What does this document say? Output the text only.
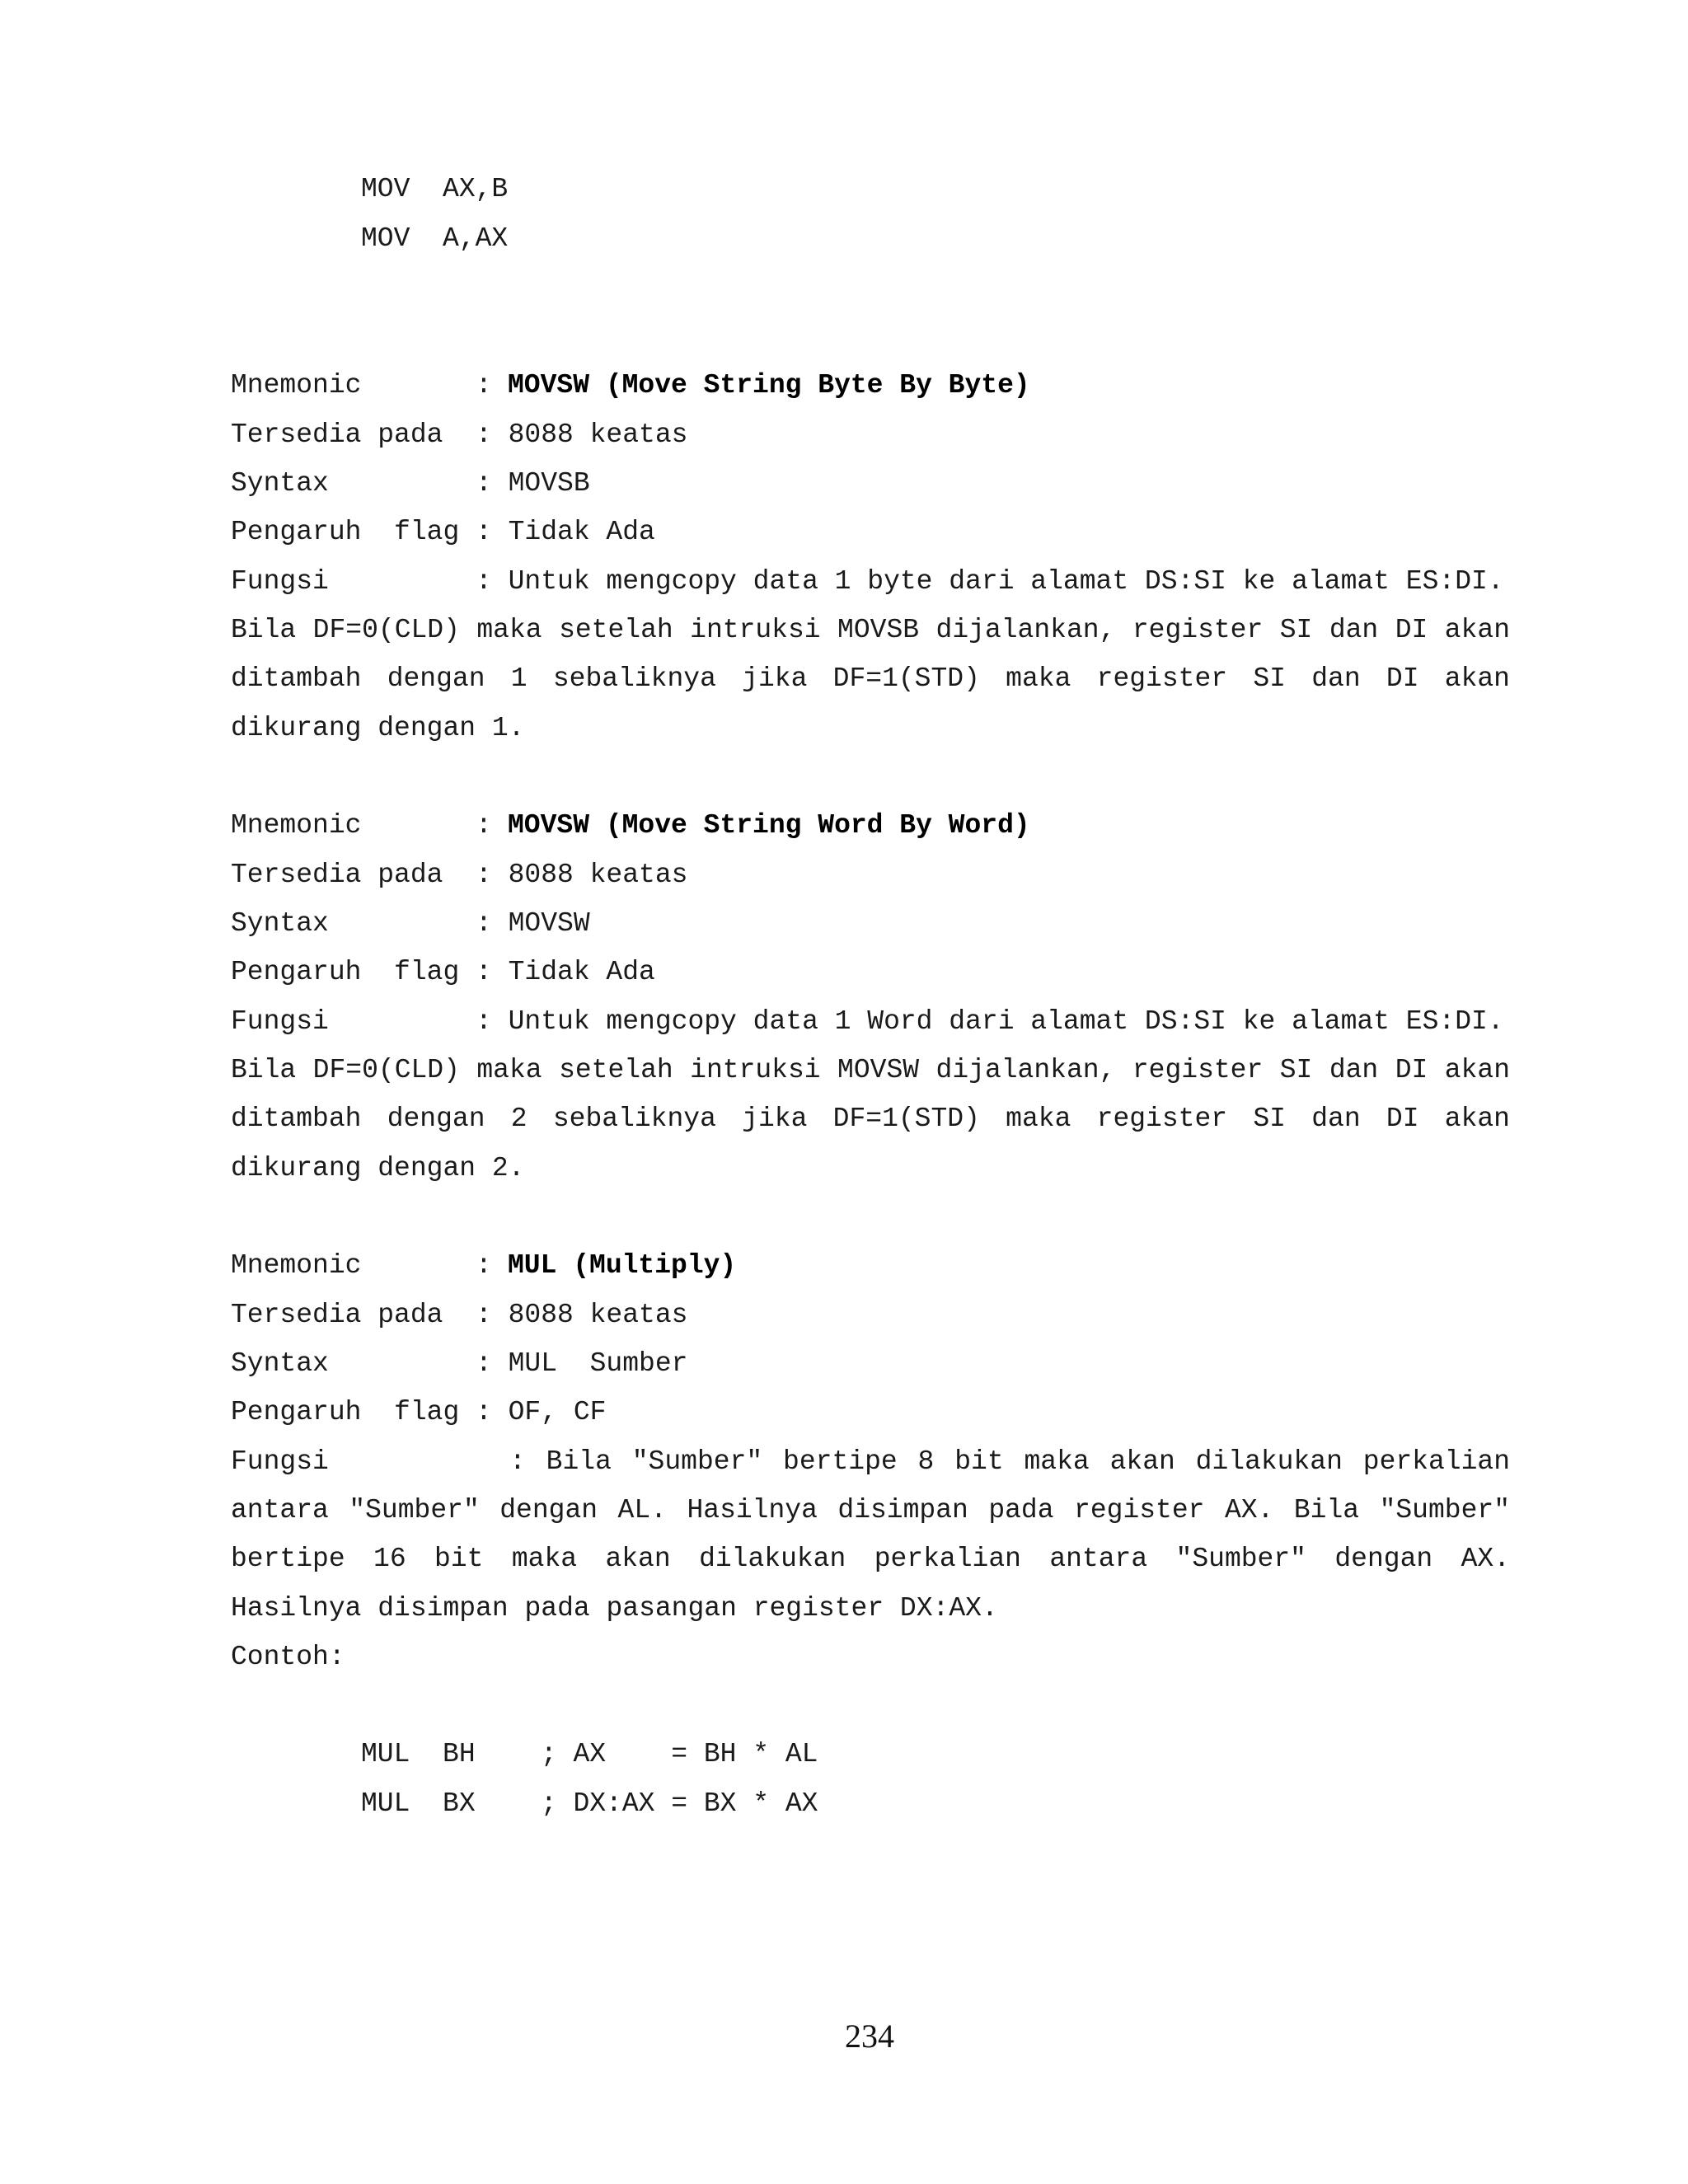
MOV  AX,B
MOV  A,AX
Mnemonic	: MOVSW (Move String Byte By Byte)
Tersedia pada : 8088 keatas
Syntax	: MOVSB
Pengaruh  flag : Tidak Ada
Fungsi	: Untuk mengcopy data 1 byte dari alamat DS:SI ke alamat ES:DI.
Bila DF=0(CLD) maka setelah intruksi MOVSB dijalankan, register SI dan DI akan
ditambah dengan 1 sebaliknya jika DF=1(STD) maka register SI dan DI akan
dikurang dengan 1.
Mnemonic	: MOVSW (Move String Word By Word)
Tersedia pada : 8088 keatas
Syntax	: MOVSW
Pengaruh  flag : Tidak Ada
Fungsi	: Untuk mengcopy data 1 Word dari alamat DS:SI ke alamat ES:DI.
Bila DF=0(CLD) maka setelah intruksi MOVSW dijalankan, register SI dan DI akan
ditambah dengan 2 sebaliknya jika DF=1(STD) maka register SI dan DI akan
dikurang dengan 2.
Mnemonic	: MUL (Multiply)
Tersedia pada : 8088 keatas
Syntax	: MUL  Sumber
Pengaruh  flag : OF, CF
Fungsi	: Bila "Sumber" bertipe 8 bit maka akan dilakukan perkalian
antara "Sumber" dengan AL. Hasilnya disimpan pada register AX. Bila "Sumber"
bertipe 16 bit maka akan dilakukan perkalian antara "Sumber" dengan AX.
Hasilnya disimpan pada pasangan register DX:AX.
Contoh:
MUL  BH    ; AX    = BH * AL
MUL  BX    ; DX:AX = BX * AX
234
